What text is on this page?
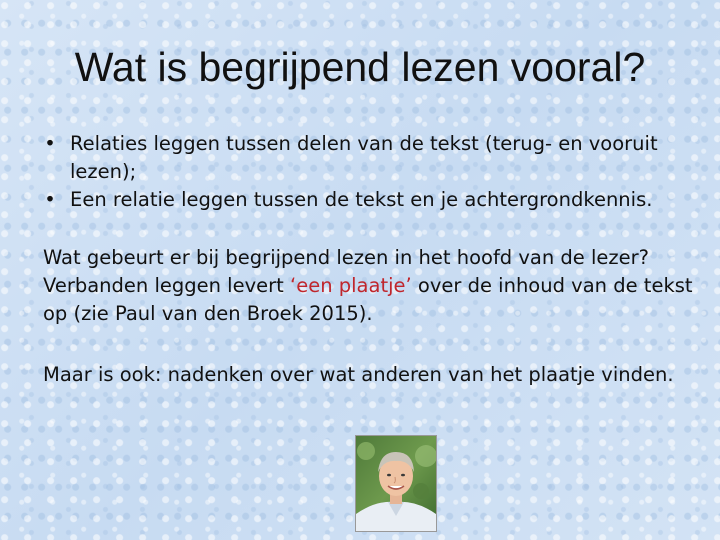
Wat is begrijpend lezen vooral?
• Relaties leggen tussen delen van de tekst (terug- en vooruit lezen);
• Een relatie leggen tussen de tekst en je achtergrondkennis.

Wat gebeurt er bij begrijpend lezen in het hoofd van de lezer?
Verbanden leggen levert ‘een plaatje’ over de inhoud van de tekst op (zie Paul van den Broek 2015).

Maar is ook: nadenken over wat anderen van het plaatje vinden.
